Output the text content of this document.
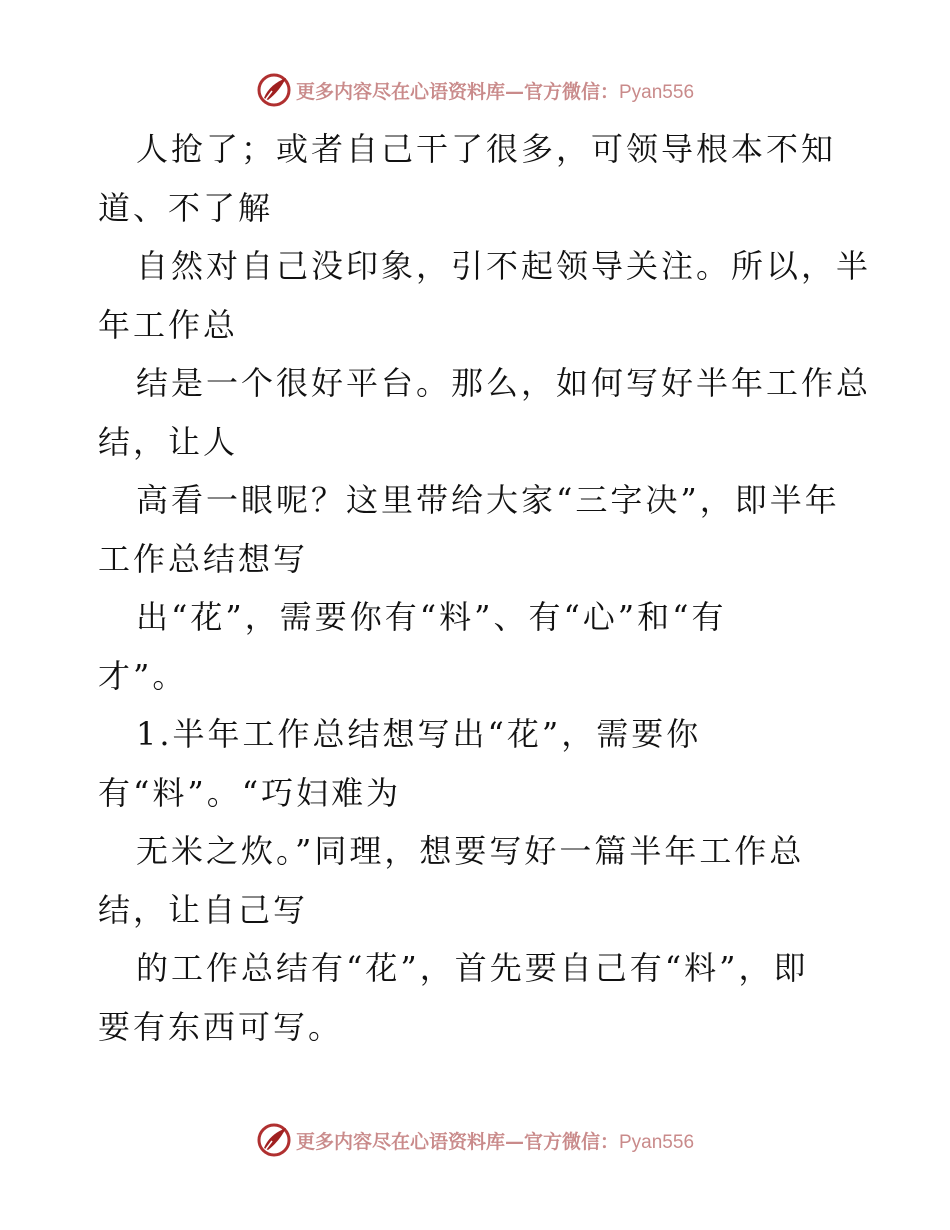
更多内容尽在心语资料库—官方微信：Pyan556
人抢了；或者自己干了很多，可领导根本不知
道、不了解
自然对自己没印象，引不起领导关注。所以，半
年工作总
结是一个很好平台。那么，如何写好半年工作总
结，让人
高看一眼呢？这里带给大家“三字决”，即半年
工作总结想写
出“花”，需要你有“料”、有“心”和“有
才”。
1.半年工作总结想写出“花”，需要你
有“料”。“巧妇难为
无米之炊。”同理，想要写好一篇半年工作总
结，让自己写
的工作总结有“花”，首先要自己有“料”，即
要有东西可写。
更多内容尽在心语资料库—官方微信：Pyan556
